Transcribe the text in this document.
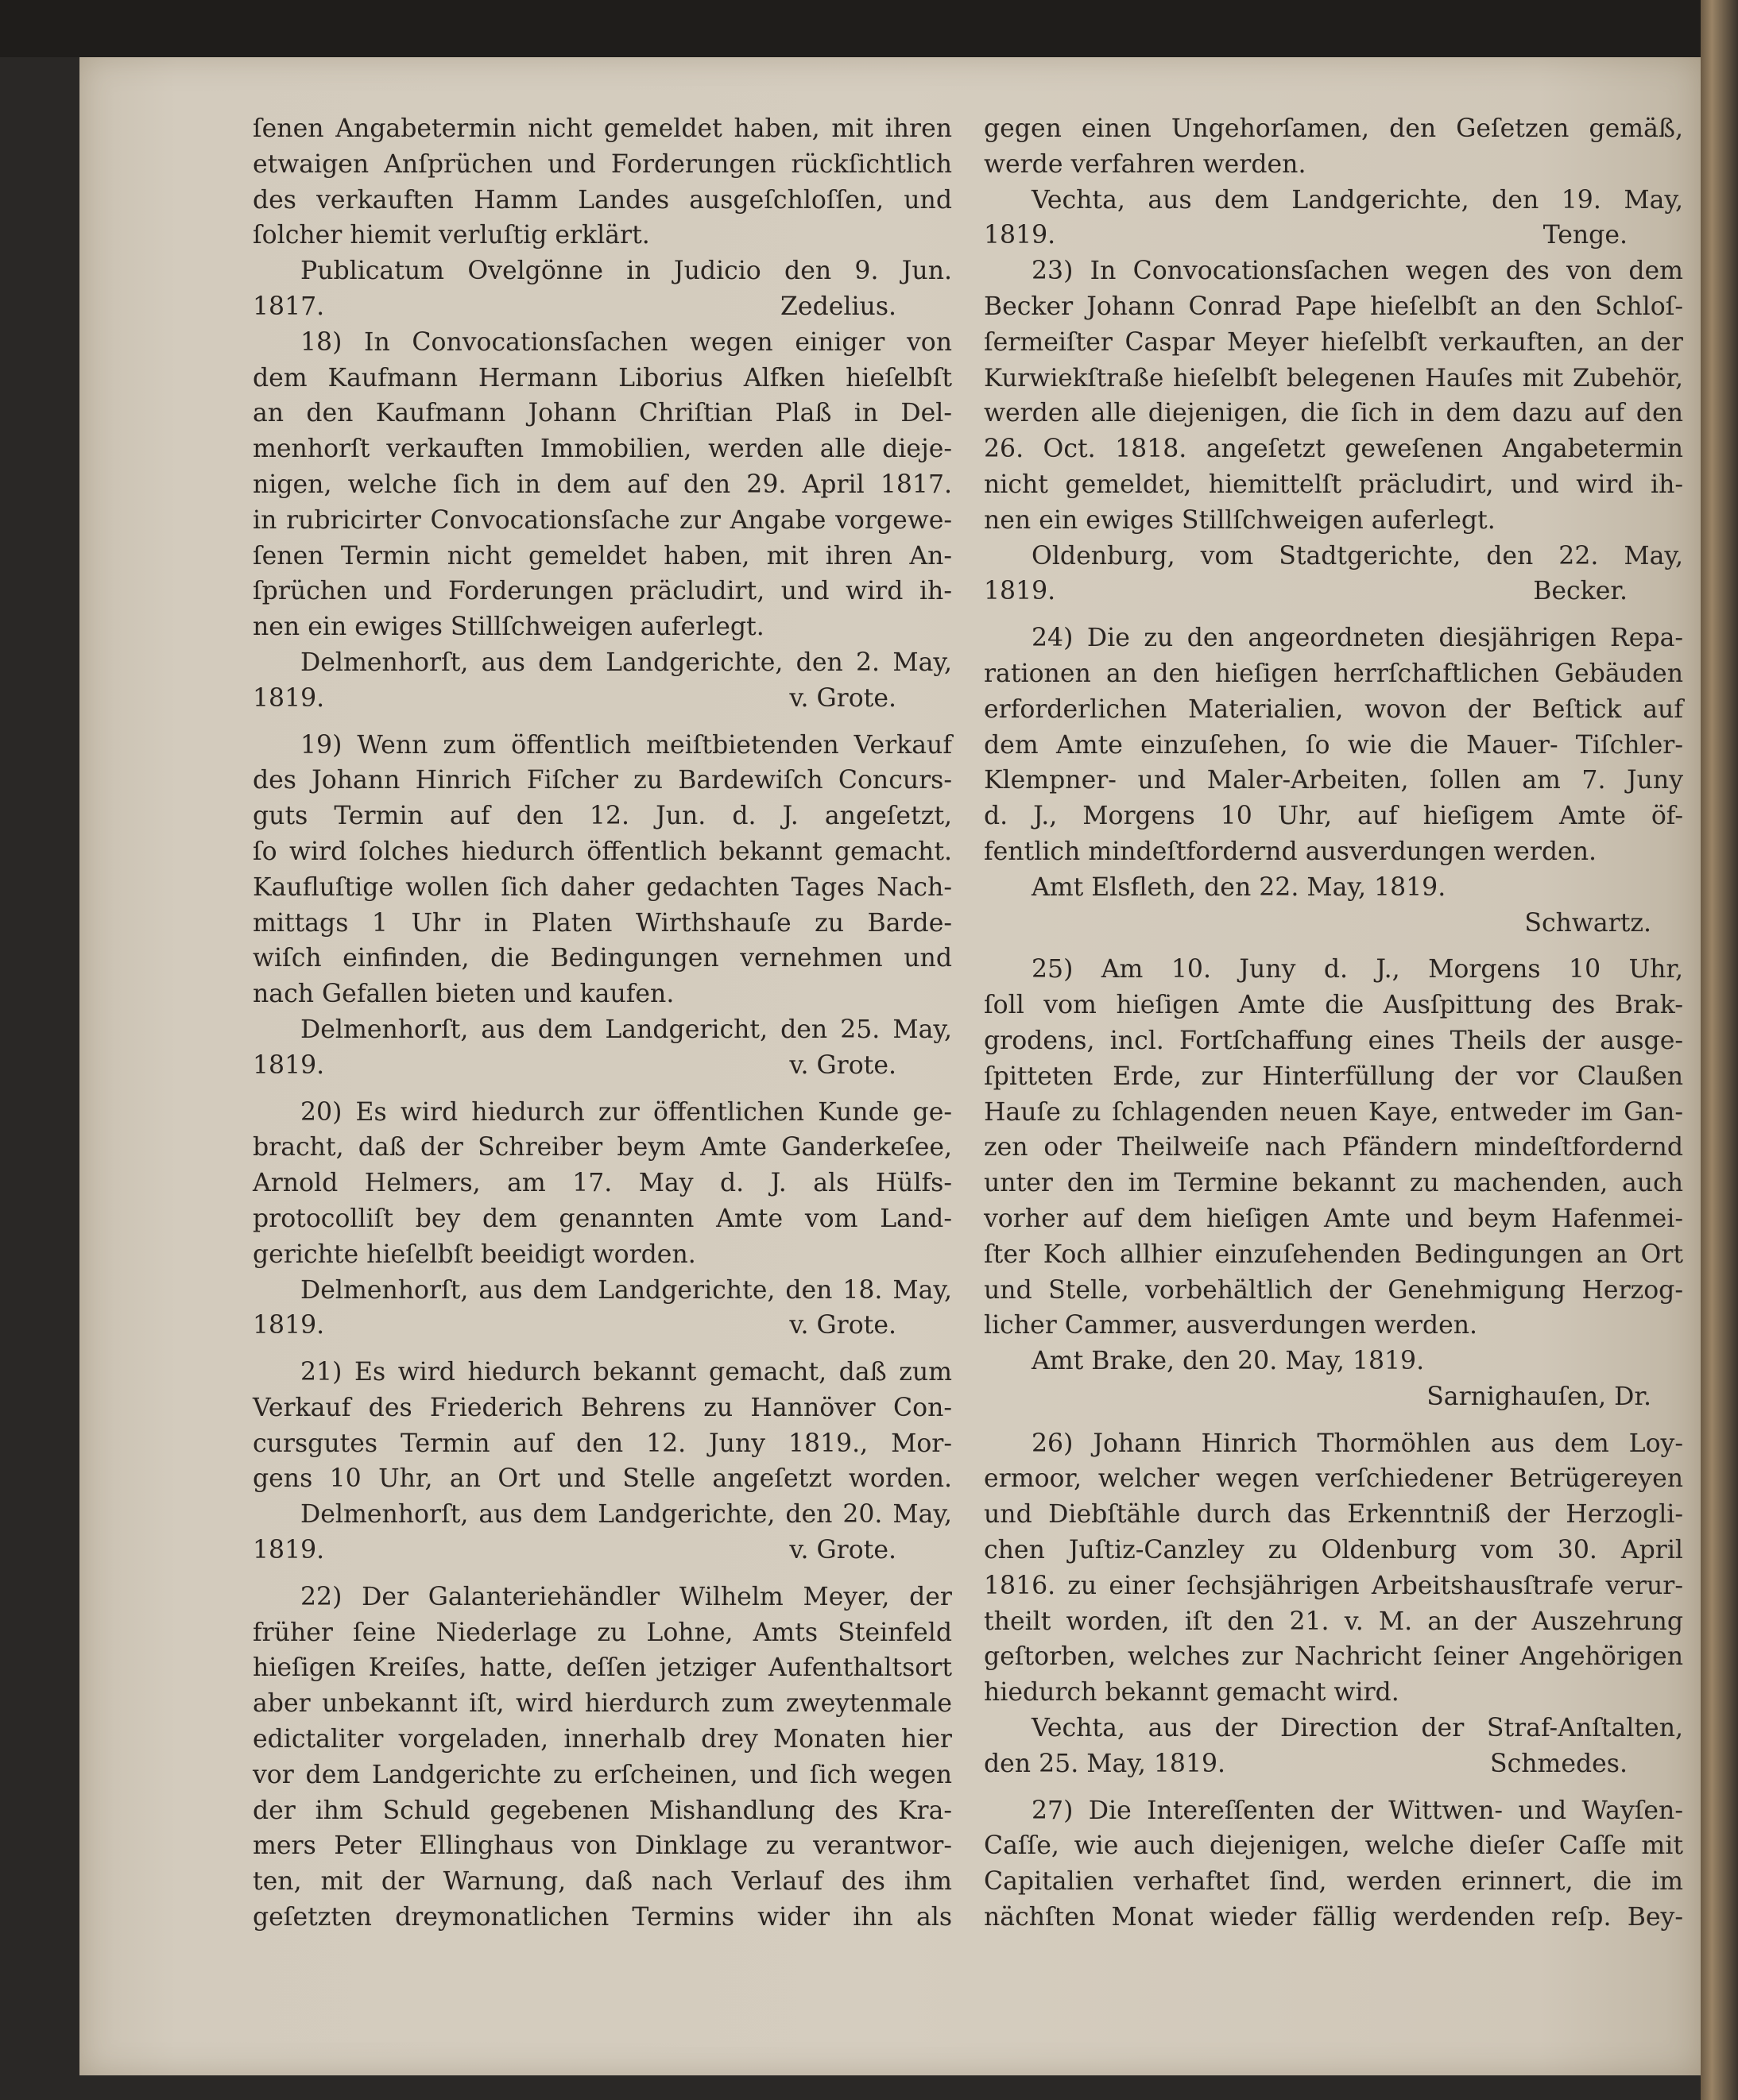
ſenen Angabetermin nicht gemeldet haben, mit ihren
etwaigen Anſprüchen und Forderungen rückſichtlich
des verkauften Hamm Landes ausgeſchloſſen, und
ſolcher hiemit verluſtig erklärt.
Publicatum Ovelgönne in Judicio den 9. Jun.
1817.	Zedelius.
18) In Convocationsſachen wegen einiger von
dem Kaufmann Hermann Liborius Alfken hieſelbſt
an den Kaufmann Johann Chriſtian Plaß in Del-
menhorſt verkauften Immobilien, werden alle dieje-
nigen, welche ſich in dem auf den 29. April 1817.
in rubricirter Convocationsſache zur Angabe vorgewe-
ſenen Termin nicht gemeldet haben, mit ihren An-
ſprüchen und Forderungen präcludirt, und wird ih-
nen ein ewiges Stillſchweigen auferlegt.
Delmenhorſt, aus dem Landgerichte, den 2. May,
1819.	v. Grote.
19) Wenn zum öffentlich meiſtbietenden Verkauf
des Johann Hinrich Fiſcher zu Bardewiſch Concurs-
guts Termin auf den 12. Jun. d. J. angeſetzt,
ſo wird ſolches hiedurch öffentlich bekannt gemacht.
Kaufluſtige wollen ſich daher gedachten Tages Nach-
mittags 1 Uhr in Platen Wirthshauſe zu Barde-
wiſch einfinden, die Bedingungen vernehmen und
nach Gefallen bieten und kaufen.
Delmenhorſt, aus dem Landgericht, den 25. May,
1819.	v. Grote.
20) Es wird hiedurch zur öffentlichen Kunde ge-
bracht, daß der Schreiber beym Amte Ganderkeſee,
Arnold Helmers, am 17. May d. J. als Hülfs-
protocolliſt bey dem genannten Amte vom Land-
gerichte hieſelbſt beeidigt worden.
Delmenhorſt, aus dem Landgerichte, den 18. May,
1819.	v. Grote.
21) Es wird hiedurch bekannt gemacht, daß zum
Verkauf des Friederich Behrens zu Hannöver Con-
cursgutes Termin auf den 12. Juny 1819., Mor-
gens 10 Uhr, an Ort und Stelle angeſetzt worden.
Delmenhorſt, aus dem Landgerichte, den 20. May,
1819.	v. Grote.
22) Der Galanteriehändler Wilhelm Meyer, der
früher ſeine Niederlage zu Lohne, Amts Steinfeld
hieſigen Kreiſes, hatte, deſſen jetziger Aufenthaltsort
aber unbekannt iſt, wird hierdurch zum zweytenmale
edictaliter vorgeladen, innerhalb drey Monaten hier
vor dem Landgerichte zu erſcheinen, und ſich wegen
der ihm Schuld gegebenen Mishandlung des Kra-
mers Peter Ellinghaus von Dinklage zu verantwor-
ten, mit der Warnung, daß nach Verlauf des ihm
geſetzten dreymonatlichen Termins wider ihn als
gegen einen Ungehorſamen, den Geſetzen gemäß,
werde verfahren werden.
Vechta, aus dem Landgerichte, den 19. May,
1819.	Tenge.
23) In Convocationsſachen wegen des von dem
Becker Johann Conrad Pape hieſelbſt an den Schloſ-
ſermeiſter Caspar Meyer hieſelbſt verkauften, an der
Kurwiekſtraße hieſelbſt belegenen Hauſes mit Zubehör,
werden alle diejenigen, die ſich in dem dazu auf den
26. Oct. 1818. angeſetzt geweſenen Angabetermin
nicht gemeldet, hiemittelſt präcludirt, und wird ih-
nen ein ewiges Stillſchweigen auferlegt.
Oldenburg, vom Stadtgerichte, den 22. May,
1819.	Becker.
24) Die zu den angeordneten diesjährigen Repa-
rationen an den hieſigen herrſchaftlichen Gebäuden
erforderlichen Materialien, wovon der Beſtick auf
dem Amte einzuſehen, ſo wie die Mauer- Tiſchler-
Klempner- und Maler-Arbeiten, ſollen am 7. Juny
d. J., Morgens 10 Uhr, auf hieſigem Amte öf-
fentlich mindeſtfordernd ausverdungen werden.
Amt Elsfleth, den 22. May, 1819.
Schwartz.
25) Am 10. Juny d. J., Morgens 10 Uhr,
ſoll vom hieſigen Amte die Ausſpittung des Brak-
grodens, incl. Fortſchaffung eines Theils der ausge-
ſpitteten Erde, zur Hinterfüllung der vor Claußen
Hauſe zu ſchlagenden neuen Kaye, entweder im Gan-
zen oder Theilweiſe nach Pfändern mindeſtfordernd
unter den im Termine bekannt zu machenden, auch
vorher auf dem hieſigen Amte und beym Hafenmei-
ſter Koch allhier einzuſehenden Bedingungen an Ort
und Stelle, vorbehältlich der Genehmigung Herzog-
licher Cammer, ausverdungen werden.
Amt Brake, den 20. May, 1819.
Sarnighauſen, Dr.
26) Johann Hinrich Thormöhlen aus dem Loy-
ermoor, welcher wegen verſchiedener Betrügereyen
und Diebſtähle durch das Erkenntniß der Herzogli-
chen Juſtiz-Canzley zu Oldenburg vom 30. April
1816. zu einer ſechsjährigen Arbeitshausſtrafe verur-
theilt worden, iſt den 21. v. M. an der Auszehrung
geſtorben, welches zur Nachricht ſeiner Angehörigen
hiedurch bekannt gemacht wird.
Vechta, aus der Direction der Straf-Anſtalten,
den 25. May, 1819.	Schmedes.
27) Die Intereſſenten der Wittwen- und Wayſen-
Caſſe, wie auch diejenigen, welche dieſer Caſſe mit
Capitalien verhaftet ſind, werden erinnert, die im
nächſten Monat wieder fällig werdenden reſp. Bey-
